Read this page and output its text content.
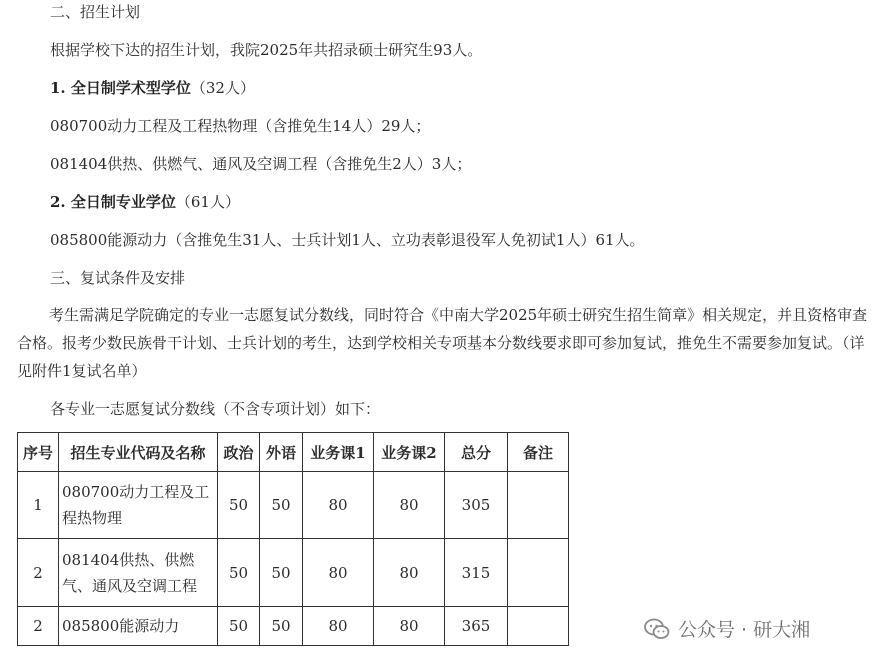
二、招生计划
根据学校下达的招生计划，我院2025年共招录硕士研究生93人。
1. 全日制学术型学位（32人）
080700动力工程及工程热物理（含推免生14人）29人；
081404供热、供燃气、通风及空调工程（含推免生2人）3人；
2. 全日制专业学位（61人）
085800能源动力（含推免生31人、士兵计划1人、立功表彰退役军人免初试1人）61人。
三、复试条件及安排
考生需满足学院确定的专业一志愿复试分数线，同时符合《中南大学2025年硕士研究生招生简章》相关规定，并且资格审查合格。报考少数民族骨干计划、士兵计划的考生，达到学校相关专项基本分数线要求即可参加复试，推免生不需要参加复试。（详见附件1复试名单）
各专业一志愿复试分数线（不含专项计划）如下：
序号	招生专业代码及名称	政治	外语	业务课1	业务课2	总分	备注
1	080700动力工程及工程热物理	50	50	80	80	305	
2	081404供热、供燃气、通风及空调工程	50	50	80	80	315	
2	085800能源动力	50	50	80	80	365		公众号 · 研大湘
